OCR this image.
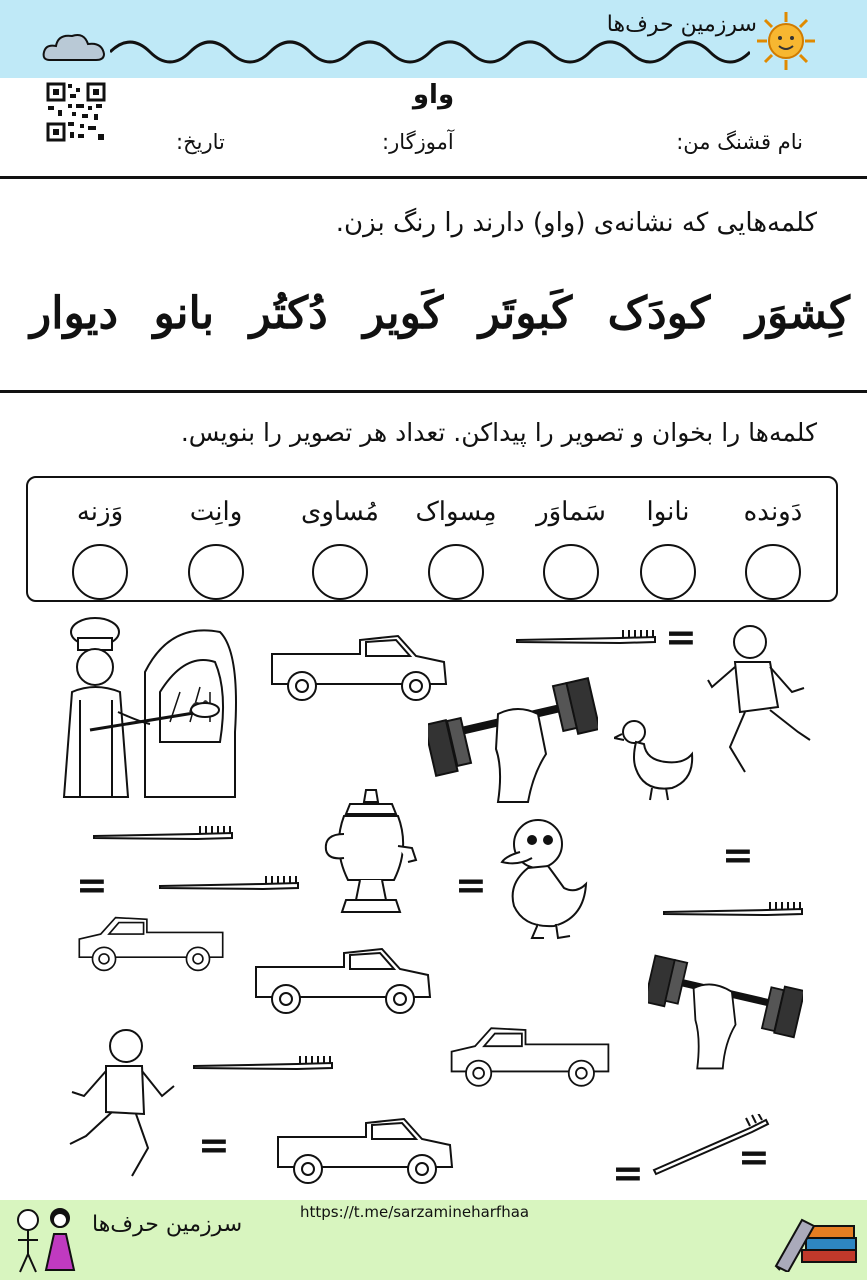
سرزمین حرف‌ها
واو
نام قشنگ من:
آموزگار:
تاریخ:
کلمه‌هایی که نشانه‌ی (واو) دارند را رنگ بزن.
کِشوَر
کودَک
کَبوتَر
کَویر
دُکتُر
بانو
دیوار
کلمه‌ها را بخوان و تصویر را پیداکن. تعداد هر تصویر را بنویس.
دَونده
نانوا
سَماوَر
مِسواک
مُساوی
وانِت
وَزنه
=
=
=
=
=
= =
https://t.me/sarzamineharfhaa
سرزمین حرف‌ها
